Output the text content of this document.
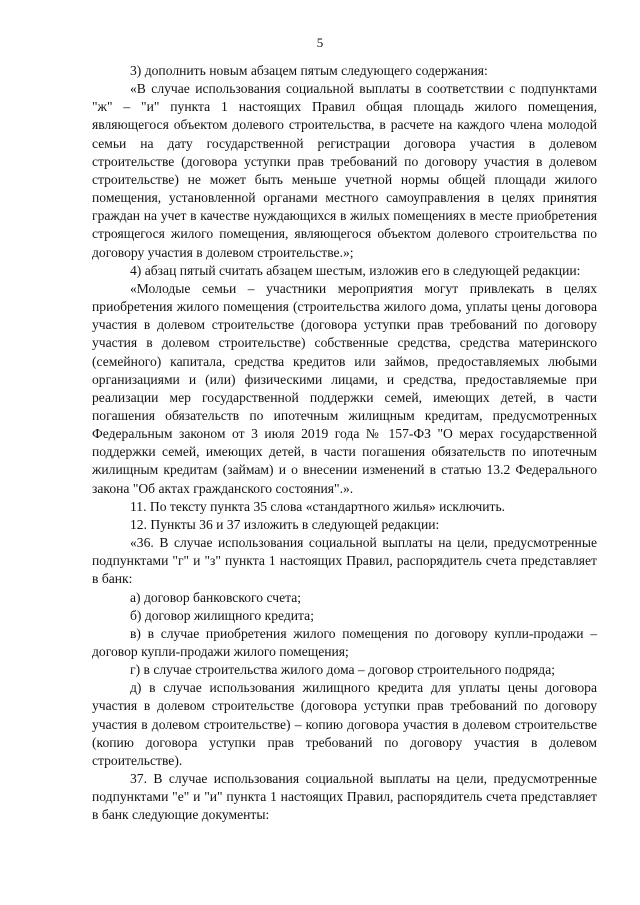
5

3) дополнить новым абзацем пятым следующего содержания:

«В случае использования социальной выплаты в соответствии с подпунктами "ж" – "и" пункта 1 настоящих Правил общая площадь жилого помещения, являющегося объектом долевого строительства, в расчете на каждого члена молодой семьи на дату государственной регистрации договора участия в долевом строительстве (договора уступки прав требований по договору участия в долевом строительстве) не может быть меньше учетной нормы общей площади жилого помещения, установленной органами местного самоуправления в целях принятия граждан на учет в качестве нуждающихся в жилых помещениях в месте приобретения строящегося жилого помещения, являющегося объектом долевого строительства по договору участия в долевом строительстве.»;

4) абзац пятый считать абзацем шестым, изложив его в следующей редакции:

«Молодые семьи – участники мероприятия могут привлекать в целях приобретения жилого помещения (строительства жилого дома, уплаты цены договора участия в долевом строительстве (договора уступки прав требований по договору участия в долевом строительстве) собственные средства, средства материнского (семейного) капитала, средства кредитов или займов, предоставляемых любыми организациями и (или) физическими лицами, и средства, предоставляемые при реализации мер государственной поддержки семей, имеющих детей, в части погашения обязательств по ипотечным жилищным кредитам, предусмотренных Федеральным законом от 3 июля 2019 года № 157-ФЗ "О мерах государственной поддержки семей, имеющих детей, в части погашения обязательств по ипотечным жилищным кредитам (займам) и о внесении изменений в статью 13.2 Федерального закона "Об актах гражданского состояния".».

11. По тексту пункта 35 слова «стандартного жилья» исключить.

12. Пункты 36 и 37 изложить в следующей редакции:

«36. В случае использования социальной выплаты на цели, предусмотренные подпунктами "г" и "з" пункта 1 настоящих Правил, распорядитель счета представляет в банк:

а) договор банковского счета;

б) договор жилищного кредита;

в) в случае приобретения жилого помещения по договору купли-продажи – договор купли-продажи жилого помещения;

г) в случае строительства жилого дома – договор строительного подряда;

д) в случае использования жилищного кредита для уплаты цены договора участия в долевом строительстве (договора уступки прав требований по договору участия в долевом строительстве) – копию договора участия в долевом строительстве (копию договора уступки прав требований по договору участия в долевом строительстве).

37. В случае использования социальной выплаты на цели, предусмотренные подпунктами "е" и "и" пункта 1 настоящих Правил, распорядитель счета представляет в банк следующие документы:
